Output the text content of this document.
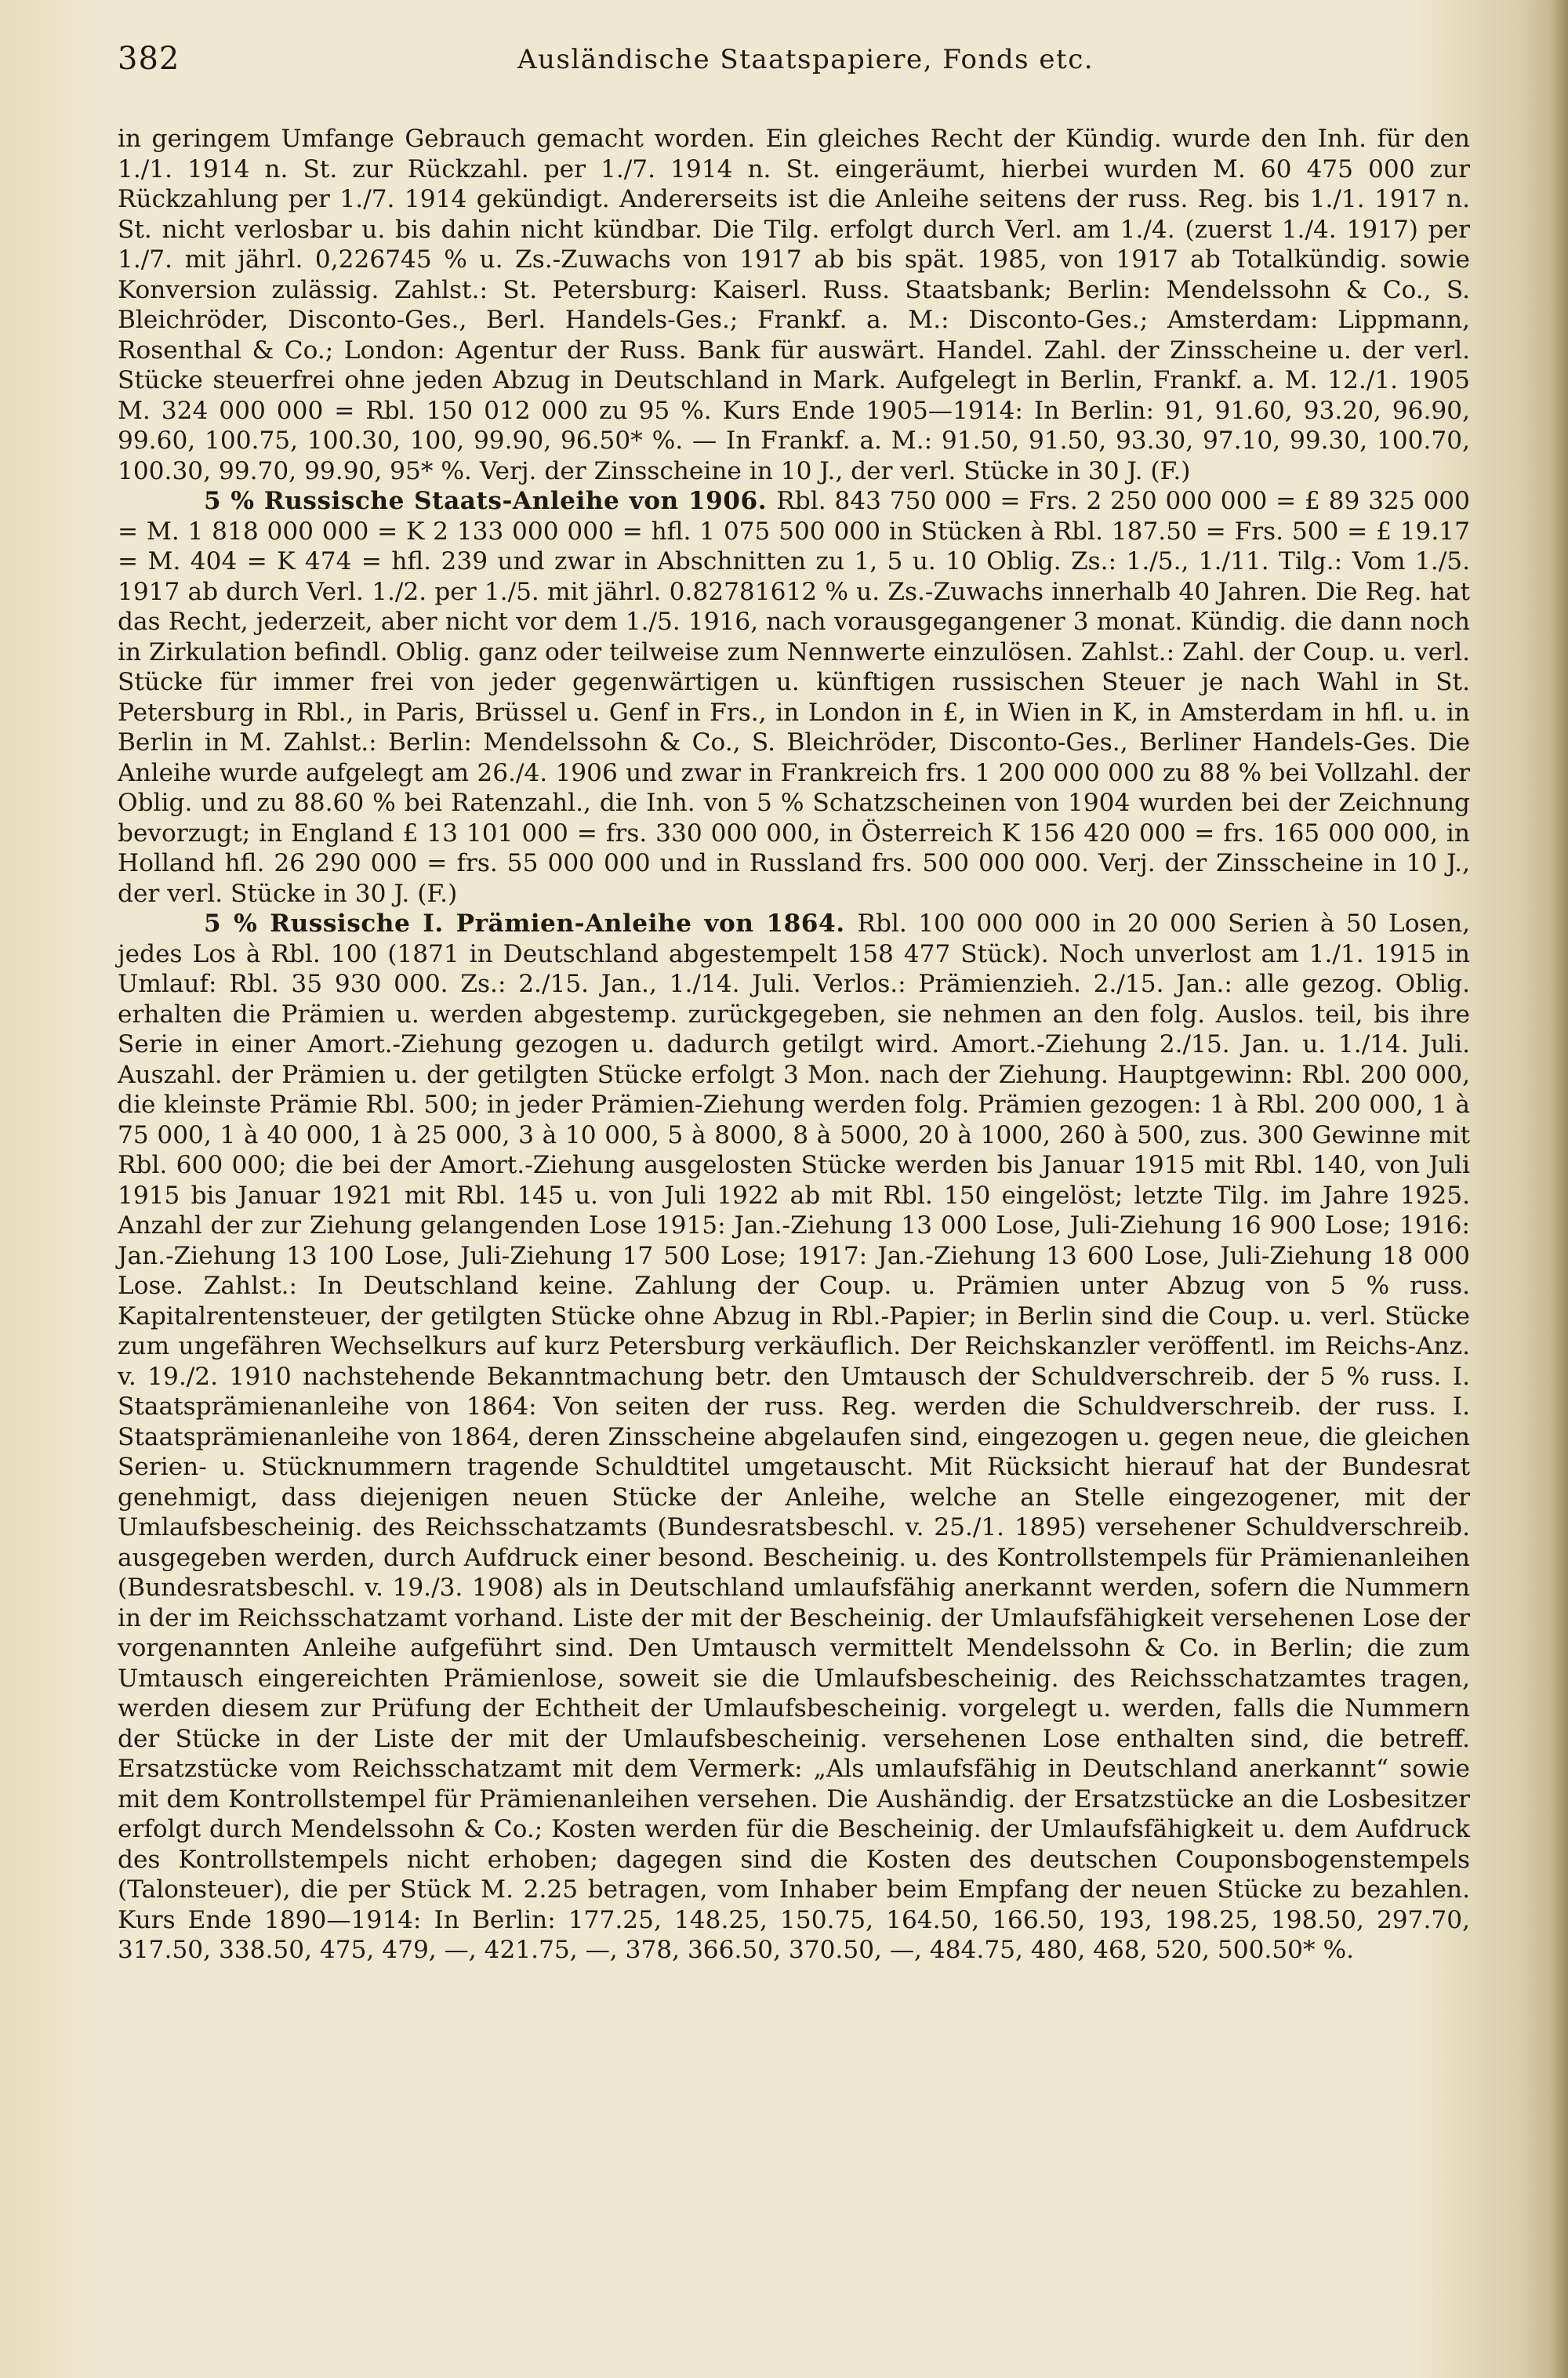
382	Ausländische Staatspapiere, Fonds etc.

in geringem Umfange Gebrauch gemacht worden. Ein gleiches Recht der Kündig. wurde den Inh. für den 1./1. 1914 n. St. zur Rückzahl. per 1./7. 1914 n. St. eingeräumt, hierbei wurden M. 60 475 000 zur Rückzahlung per 1./7. 1914 gekündigt. Andererseits ist die Anleihe seitens der russ. Reg. bis 1./1. 1917 n. St. nicht verlosbar u. bis dahin nicht kündbar. Die Tilg. erfolgt durch Verl. am 1./4. (zuerst 1./4. 1917) per 1./7. mit jährl. 0,226745 % u. Zs.-Zuwachs von 1917 ab bis spät. 1985, von 1917 ab Totalkündig. sowie Konversion zulässig. Zahlst.: St. Petersburg: Kaiserl. Russ. Staatsbank; Berlin: Mendelssohn & Co., S. Bleichröder, Disconto-Ges., Berl. Handels-Ges.; Frankf. a. M.: Disconto-Ges.; Amsterdam: Lippmann, Rosenthal & Co.; London: Agentur der Russ. Bank für auswärt. Handel. Zahl. der Zinsscheine u. der verl. Stücke steuerfrei ohne jeden Abzug in Deutschland in Mark. Aufgelegt in Berlin, Frankf. a. M. 12./1. 1905 M. 324 000 000 = Rbl. 150 012 000 zu 95 %. Kurs Ende 1905—1914: In Berlin: 91, 91.60, 93.20, 96.90, 99.60, 100.75, 100.30, 100, 99.90, 96.50* %. — In Frankf. a. M.: 91.50, 91.50, 93.30, 97.10, 99.30, 100.70, 100.30, 99.70, 99.90, 95* %. Verj. der Zinsscheine in 10 J., der verl. Stücke in 30 J. (F.)

5 % Russische Staats-Anleihe von 1906. Rbl. 843 750 000 = Frs. 2 250 000 000 = £ 89 325 000 = M. 1 818 000 000 = K 2 133 000 000 = hfl. 1 075 500 000 in Stücken à Rbl. 187.50 = Frs. 500 = £ 19.17 = M. 404 = K 474 = hfl. 239 und zwar in Abschnitten zu 1, 5 u. 10 Oblig. Zs.: 1./5., 1./11. Tilg.: Vom 1./5. 1917 ab durch Verl. 1./2. per 1./5. mit jährl. 0.82781612 % u. Zs.-Zuwachs innerhalb 40 Jahren. Die Reg. hat das Recht, jederzeit, aber nicht vor dem 1./5. 1916, nach vorausgegangener 3 monat. Kündig. die dann noch in Zirkulation befindl. Oblig. ganz oder teilweise zum Nennwerte einzulösen. Zahlst.: Zahl. der Coup. u. verl. Stücke für immer frei von jeder gegenwärtigen u. künftigen russischen Steuer je nach Wahl in St. Petersburg in Rbl., in Paris, Brüssel u. Genf in Frs., in London in £, in Wien in K, in Amsterdam in hfl. u. in Berlin in M. Zahlst.: Berlin: Mendelssohn & Co., S. Bleichröder, Disconto-Ges., Berliner Handels-Ges. Die Anleihe wurde aufgelegt am 26./4. 1906 und zwar in Frankreich frs. 1 200 000 000 zu 88 % bei Vollzahl. der Oblig. und zu 88.60 % bei Ratenzahl., die Inh. von 5 % Schatzscheinen von 1904 wurden bei der Zeichnung bevorzugt; in England £ 13 101 000 = frs. 330 000 000, in Österreich K 156 420 000 = frs. 165 000 000, in Holland hfl. 26 290 000 = frs. 55 000 000 und in Russland frs. 500 000 000. Verj. der Zinsscheine in 10 J., der verl. Stücke in 30 J. (F.)

5 % Russische I. Prämien-Anleihe von 1864. Rbl. 100 000 000 in 20 000 Serien à 50 Losen, jedes Los à Rbl. 100 (1871 in Deutschland abgestempelt 158 477 Stück). Noch unverlost am 1./1. 1915 in Umlauf: Rbl. 35 930 000. Zs.: 2./15. Jan., 1./14. Juli. Verlos.: Prämienzieh. 2./15. Jan.: alle gezog. Oblig. erhalten die Prämien u. werden abgestemp. zurückgegeben, sie nehmen an den folg. Auslos. teil, bis ihre Serie in einer Amort.-Ziehung gezogen u. dadurch getilgt wird. Amort.-Ziehung 2./15. Jan. u. 1./14. Juli. Auszahl. der Prämien u. der getilgten Stücke erfolgt 3 Mon. nach der Ziehung. Hauptgewinn: Rbl. 200 000, die kleinste Prämie Rbl. 500; in jeder Prämien-Ziehung werden folg. Prämien gezogen: 1 à Rbl. 200 000, 1 à 75 000, 1 à 40 000, 1 à 25 000, 3 à 10 000, 5 à 8000, 8 à 5000, 20 à 1000, 260 à 500, zus. 300 Gewinne mit Rbl. 600 000; die bei der Amort.-Ziehung ausgelosten Stücke werden bis Januar 1915 mit Rbl. 140, von Juli 1915 bis Januar 1921 mit Rbl. 145 u. von Juli 1922 ab mit Rbl. 150 eingelöst; letzte Tilg. im Jahre 1925. Anzahl der zur Ziehung gelangenden Lose 1915: Jan.-Ziehung 13 000 Lose, Juli-Ziehung 16 900 Lose; 1916: Jan.-Ziehung 13 100 Lose, Juli-Ziehung 17 500 Lose; 1917: Jan.-Ziehung 13 600 Lose, Juli-Ziehung 18 000 Lose. Zahlst.: In Deutschland keine. Zahlung der Coup. u. Prämien unter Abzug von 5 % russ. Kapitalrentensteuer, der getilgten Stücke ohne Abzug in Rbl.-Papier; in Berlin sind die Coup. u. verl. Stücke zum ungefähren Wechselkurs auf kurz Petersburg verkäuflich. Der Reichskanzler veröffentl. im Reichs-Anz. v. 19./2. 1910 nachstehende Bekanntmachung betr. den Umtausch der Schuldverschreib. der 5 % russ. I. Staatsprämienanleihe von 1864: Von seiten der russ. Reg. werden die Schuldverschreib. der russ. I. Staatsprämienanleihe von 1864, deren Zinsscheine abgelaufen sind, eingezogen u. gegen neue, die gleichen Serien- u. Stücknummern tragende Schuldtitel umgetauscht. Mit Rücksicht hierauf hat der Bundesrat genehmigt, dass diejenigen neuen Stücke der Anleihe, welche an Stelle eingezogener, mit der Umlaufsbescheinig. des Reichsschatzamts (Bundesratsbeschl. v. 25./1. 1895) versehener Schuldverschreib. ausgegeben werden, durch Aufdruck einer besond. Bescheinig. u. des Kontrollstempels für Prämienanleihen (Bundesratsbeschl. v. 19./3. 1908) als in Deutschland umlaufsfähig anerkannt werden, sofern die Nummern in der im Reichsschatzamt vorhand. Liste der mit der Bescheinig. der Umlaufsfähigkeit versehenen Lose der vorgenannten Anleihe aufgeführt sind. Den Umtausch vermittelt Mendelssohn & Co. in Berlin; die zum Umtausch eingereichten Prämienlose, soweit sie die Umlaufsbescheinig. des Reichsschatzamtes tragen, werden diesem zur Prüfung der Echtheit der Umlaufsbescheinig. vorgelegt u. werden, falls die Nummern der Stücke in der Liste der mit der Umlaufsbescheinig. versehenen Lose enthalten sind, die betreff. Ersatzstücke vom Reichsschatzamt mit dem Vermerk: „Als umlaufsfähig in Deutschland anerkannt“ sowie mit dem Kontrollstempel für Prämienanleihen versehen. Die Aushändig. der Ersatzstücke an die Losbesitzer erfolgt durch Mendelssohn & Co.; Kosten werden für die Bescheinig. der Umlaufsfähigkeit u. dem Aufdruck des Kontrollstempels nicht erhoben; dagegen sind die Kosten des deutschen Couponsbogenstempels (Talonsteuer), die per Stück M. 2.25 betragen, vom Inhaber beim Empfang der neuen Stücke zu bezahlen. Kurs Ende 1890—1914: In Berlin: 177.25, 148.25, 150.75, 164.50, 166.50, 193, 198.25, 198.50, 297.70, 317.50, 338.50, 475, 479, —, 421.75, —, 378, 366.50, 370.50, —, 484.75, 480, 468, 520, 500.50* %.
